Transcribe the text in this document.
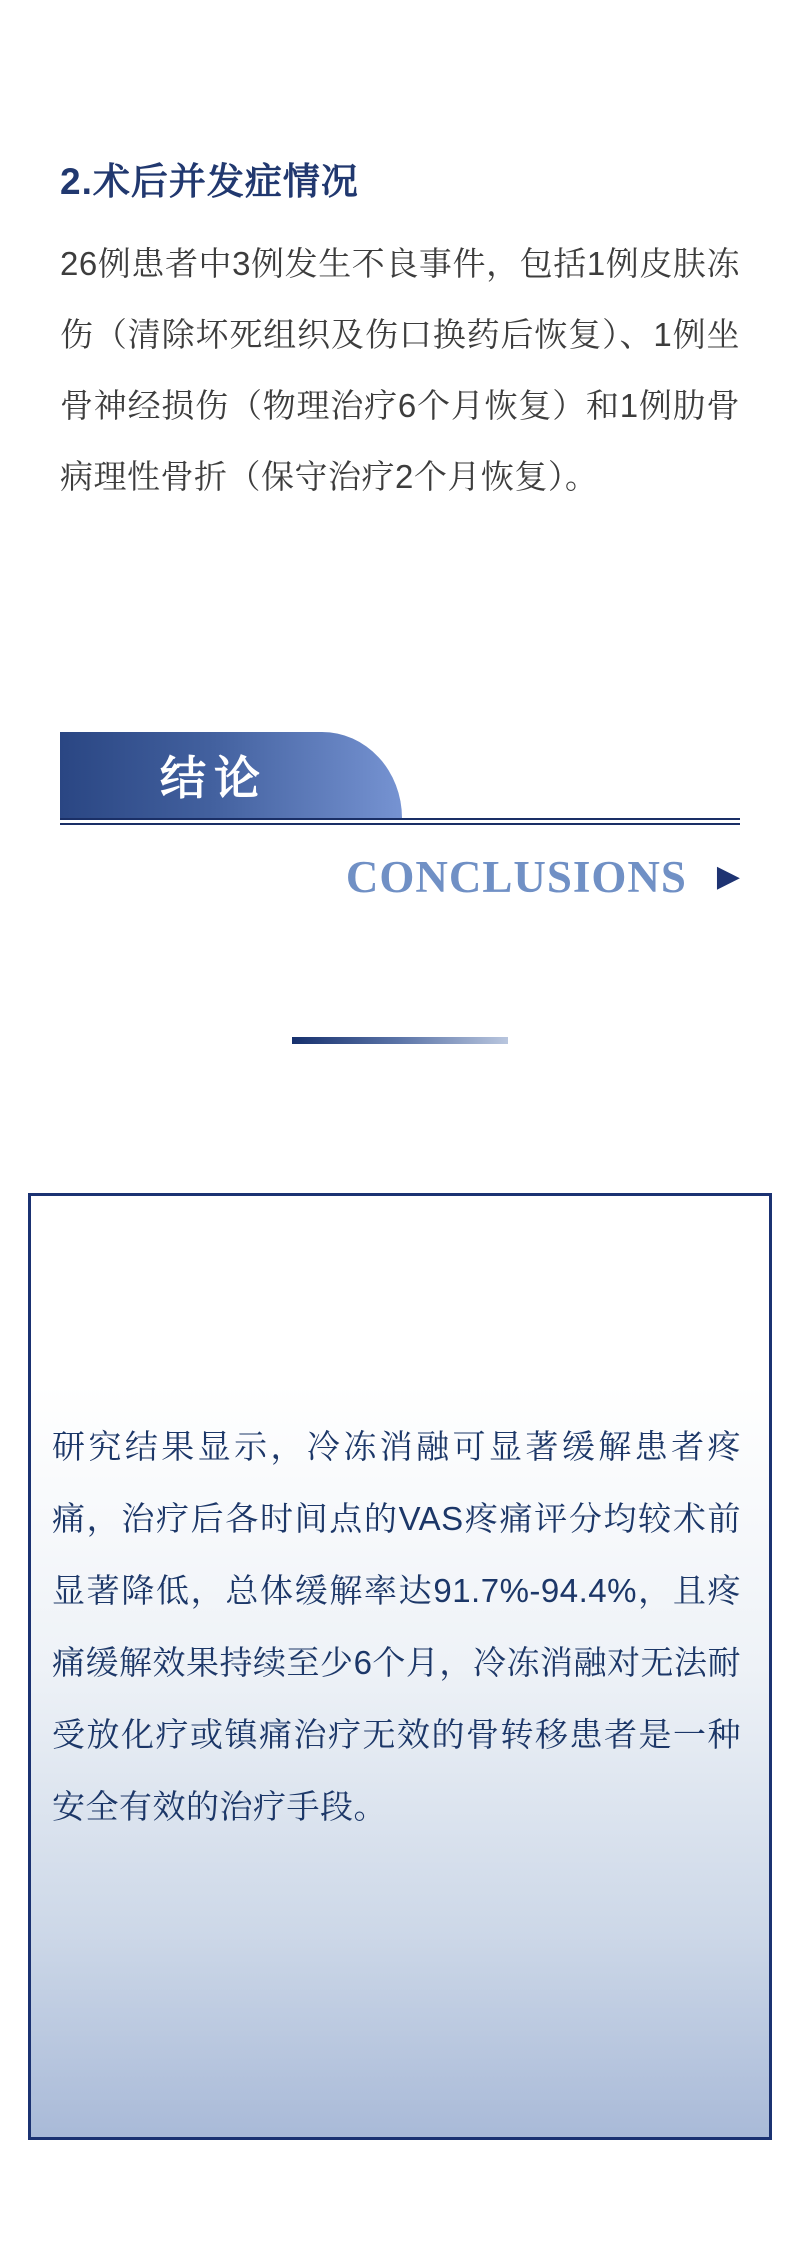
2.术后并发症情况

26例患者中3例发生不良事件，包括1例皮肤冻伤（清除坏死组织及伤口换药后恢复）、1例坐骨神经损伤（物理治疗6个月恢复）和1例肋骨病理性骨折（保守治疗2个月恢复）。

结论
CONCLUSIONS ▶

研究结果显示，冷冻消融可显著缓解患者疼痛，治疗后各时间点的VAS疼痛评分均较术前显著降低，总体缓解率达91.7%-94.4%，且疼痛缓解效果持续至少6个月，冷冻消融对无法耐受放化疗或镇痛治疗无效的骨转移患者是一种安全有效的治疗手段。
